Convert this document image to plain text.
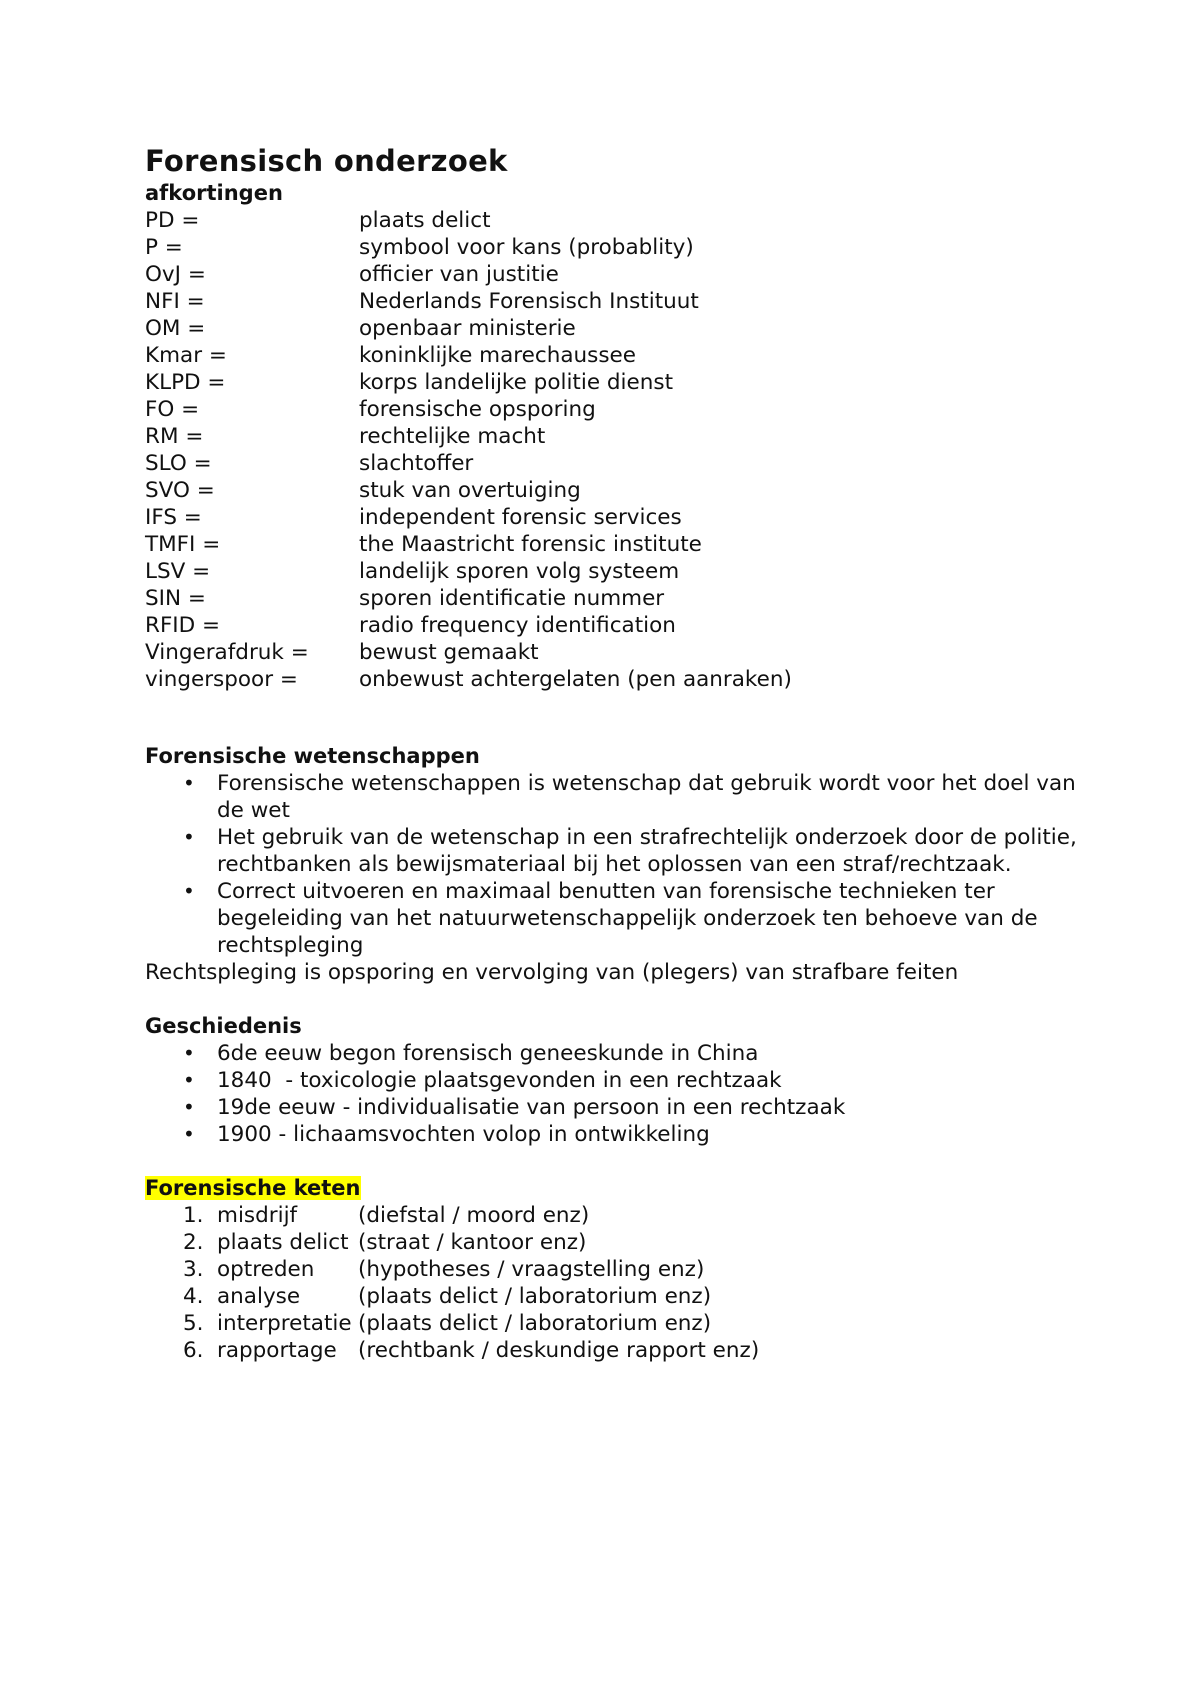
Forensisch onderzoek
afkortingen
PD =	plaats delict
P =	symbool voor kans (probablity)
OvJ =	officier van justitie
NFI =	Nederlands Forensisch Instituut
OM =	openbaar ministerie
Kmar =	koninklijke marechaussee
KLPD =	korps landelijke politie dienst
FO =	forensische opsporing
RM =	rechtelijke macht
SLO =	slachtoffer
SVO =	stuk van overtuiging
IFS =	independent forensic services
TMFI =	the Maastricht forensic institute
LSV =	landelijk sporen volg systeem
SIN =	sporen identificatie nummer
RFID =	radio frequency identification
Vingerafdruk =	bewust gemaakt
vingerspoor =	onbewust achtergelaten (pen aanraken)
Forensische wetenschappen
• Forensische wetenschappen is wetenschap dat gebruik wordt voor het doel van de wet
• Het gebruik van de wetenschap in een strafrechtelijk onderzoek door de politie, rechtbanken als bewijsmateriaal bij het oplossen van een straf/rechtzaak.
• Correct uitvoeren en maximaal benutten van forensische technieken ter begeleiding van het natuurwetenschappelijk onderzoek ten behoeve van de rechtspleging

Rechtspleging is opsporing en vervolging van (plegers) van strafbare feiten

Geschiedenis
• 6de eeuw begon forensisch geneeskunde in China
• 1840  - toxicologie plaatsgevonden in een rechtzaak
• 19de eeuw - individualisatie van persoon in een rechtzaak
• 1900 - lichaamsvochten volop in ontwikkeling
Forensische keten
1. misdrijf	(diefstal / moord enz)
2. plaats delict (straat / kantoor enz)
3. optreden	(hypotheses / vraagstelling enz)
4. analyse	(plaats delict / laboratorium enz)
5. interpretatie (plaats delict / laboratorium enz)
6. rapportage (rechtbank / deskundige rapport enz)
